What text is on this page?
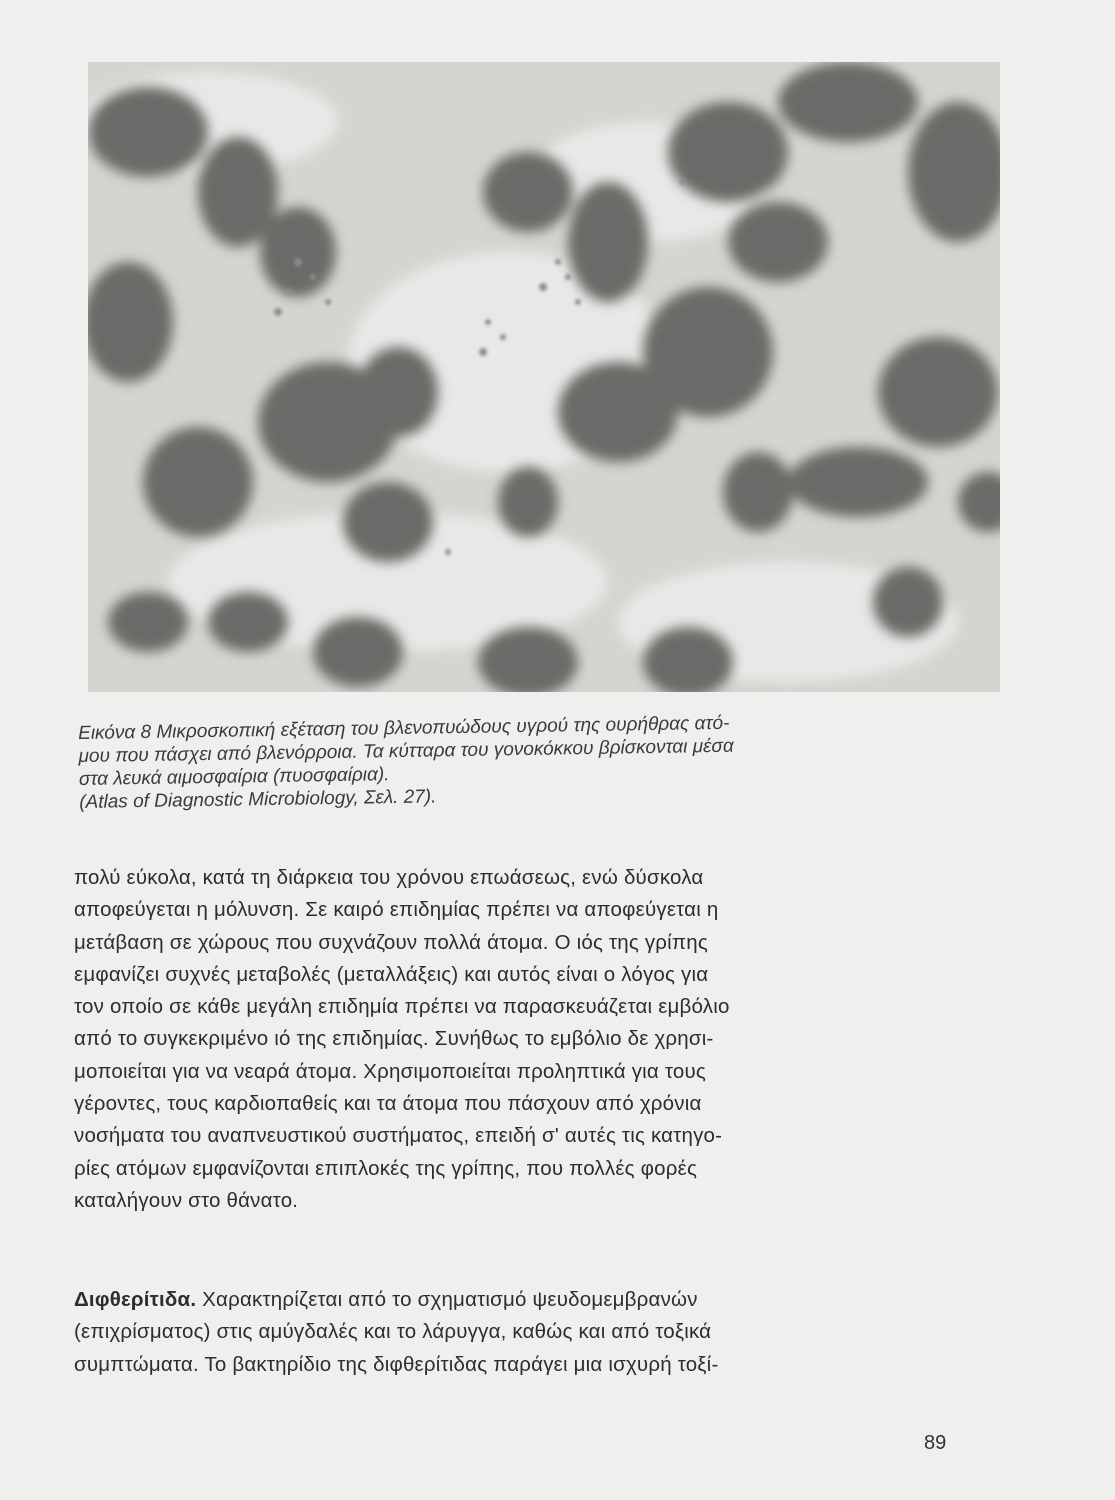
Εικόνα 8 Μικροσκοπική εξέταση του βλενοπυώδους υγρού της ουρήθρας ατό-
μου που πάσχει από βλενόρροια. Τα κύτταρα του γονοκόκκου βρίσκονται μέσα
στα λευκά αιμοσφαίρια (πυοσφαίρια).
(Atlas of Diagnostic Microbiology, Σελ. 27).
πολύ εύκολα, κατά τη διάρκεια του χρόνου επωάσεως, ενώ δύσκολα
αποφεύγεται η μόλυνση. Σε καιρό επιδημίας πρέπει να αποφεύγεται η
μετάβαση σε χώρους που συχνάζουν πολλά άτομα. Ο ιός της γρίπης
εμφανίζει συχνές μεταβολές (μεταλλάξεις) και αυτός είναι ο λόγος για
τον οποίο σε κάθε μεγάλη επιδημία πρέπει να παρασκευάζεται εμβόλιο
από το συγκεκριμένο ιό της επιδημίας. Συνήθως το εμβόλιο δε χρησι-
μοποιείται για να νεαρά άτομα. Χρησιμοποιείται προληπτικά για τους
γέροντες, τους καρδιοπαθείς και τα άτομα που πάσχουν από χρόνια
νοσήματα του αναπνευστικού συστήματος, επειδή σ' αυτές τις κατηγο-
ρίες ατόμων εμφανίζονται επιπλοκές της γρίπης, που πολλές φορές
καταλήγουν στο θάνατο.
Διφθερίτιδα. Χαρακτηρίζεται από το σχηματισμό ψευδομεμβρανών
(επιχρίσματος) στις αμύγδαλές και το λάρυγγα, καθώς και από τοξικά
συμπτώματα. Το βακτηρίδιο της διφθερίτιδας παράγει μια ισχυρή τοξί-
89
